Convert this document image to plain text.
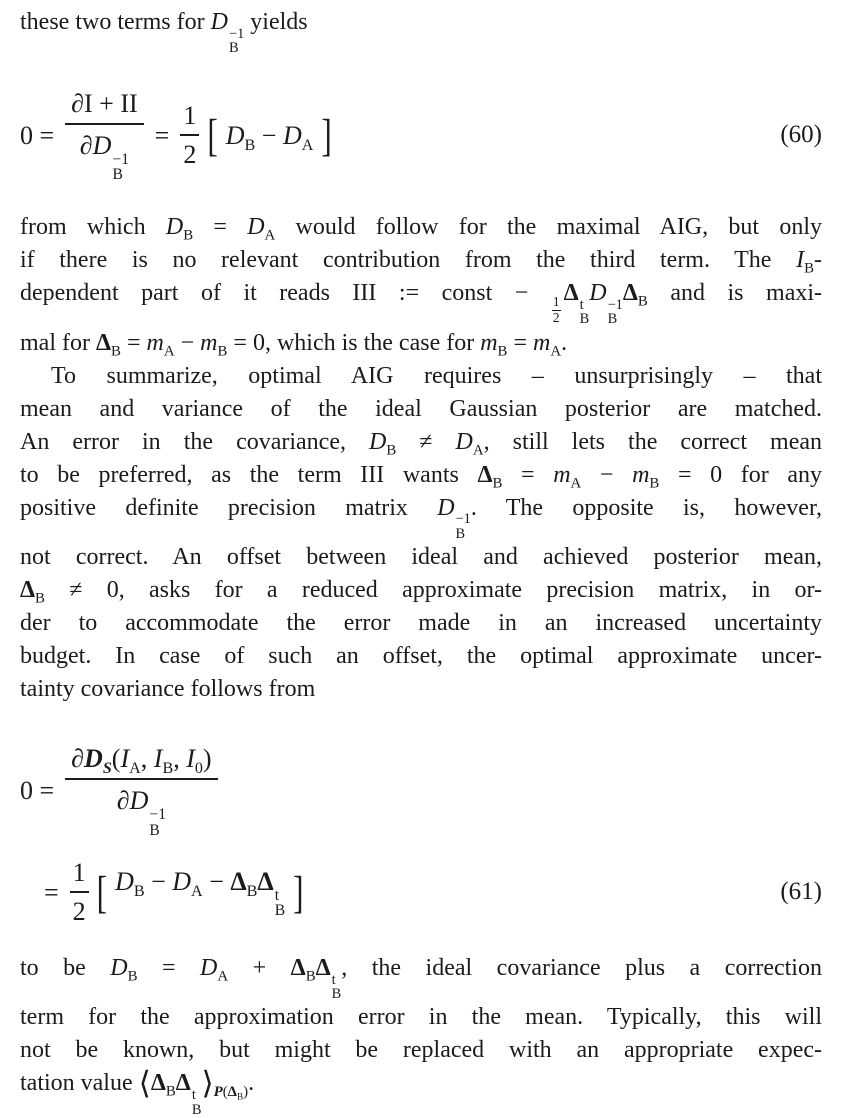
these two terms for D −1
B
yields
0 = ∂I + II
∂D −1
$B = \frac{1}{2}$ [ $D_B - D_A$ ]	(60)
from which $D_B = D_A$ would follow for the maximal AIG, but only
if there is no relevant contribution from the third term. The $I_B-$
dependent part of it reads III := const −
$\frac{1}{2}$
Δ t
B
D −1
B
$\Delta_B$ and is maxi-
mal for $\Delta_B = m_A - m_B = 0$, which is the case for $m_B = m_A$.
To summarize, optimal AIG requires – unsurprisingly – that
mean and variance of the ideal Gaussian posterior are matched.
An error in the covariance, $D_B \ne D_A$, still lets the correct mean
to be preferred, as the term III wants $\Delta_B = m_A - m_B = 0$ for any
positive definite precision matrix D −1
B
. The opposite is, however,
not correct. An offset between ideal and achieved posterior mean,
$\Delta_B \ne 0$, asks for a reduced approximate precision matrix, in or-
der to accommodate the error made in an increased uncertainty
budget. In case of such an offset, the optimal approximate uncer-
tainty covariance follows from
$0 = \partial D_S(I_A$, $I_B$, $I_0$)
∂D −1
B
= $\frac{1}{2}$ [ $D_B - D_A - \Delta_B\Delta$ t
B ]	(61)
to be $D_B = D_A + \Delta_B\Delta$ t
B
, the ideal covariance plus a correction
term for the approximation error in the mean. Typically, this will
not be known, but might be replaced with an appropriate expec-
tation value $⟨\Delta_B\Delta$ t
B
$⟩_{P(\Delta_B)}$.
